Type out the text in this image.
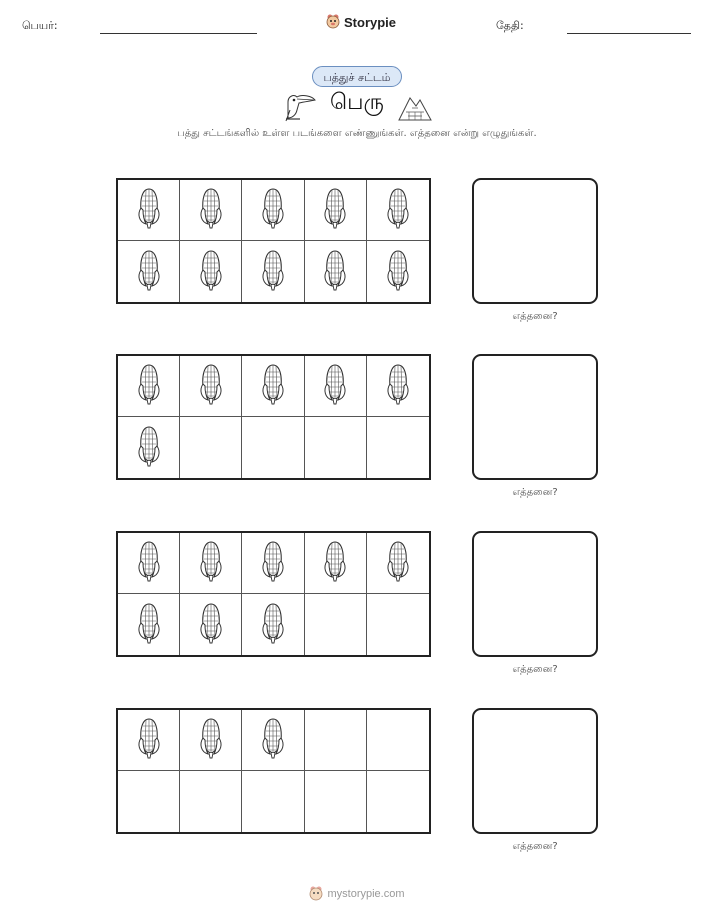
பெயர்:	Storypie	தேதி:
பத்துச் சட்டம்
பெரு
பத்து சட்டங்களில் உள்ள படங்களை எண்ணுங்கள். எத்தனை என்று எழுதுங்கள்.
எத்தனை?
எத்தனை?
எத்தனை?
எத்தனை?
mystorypie.com
